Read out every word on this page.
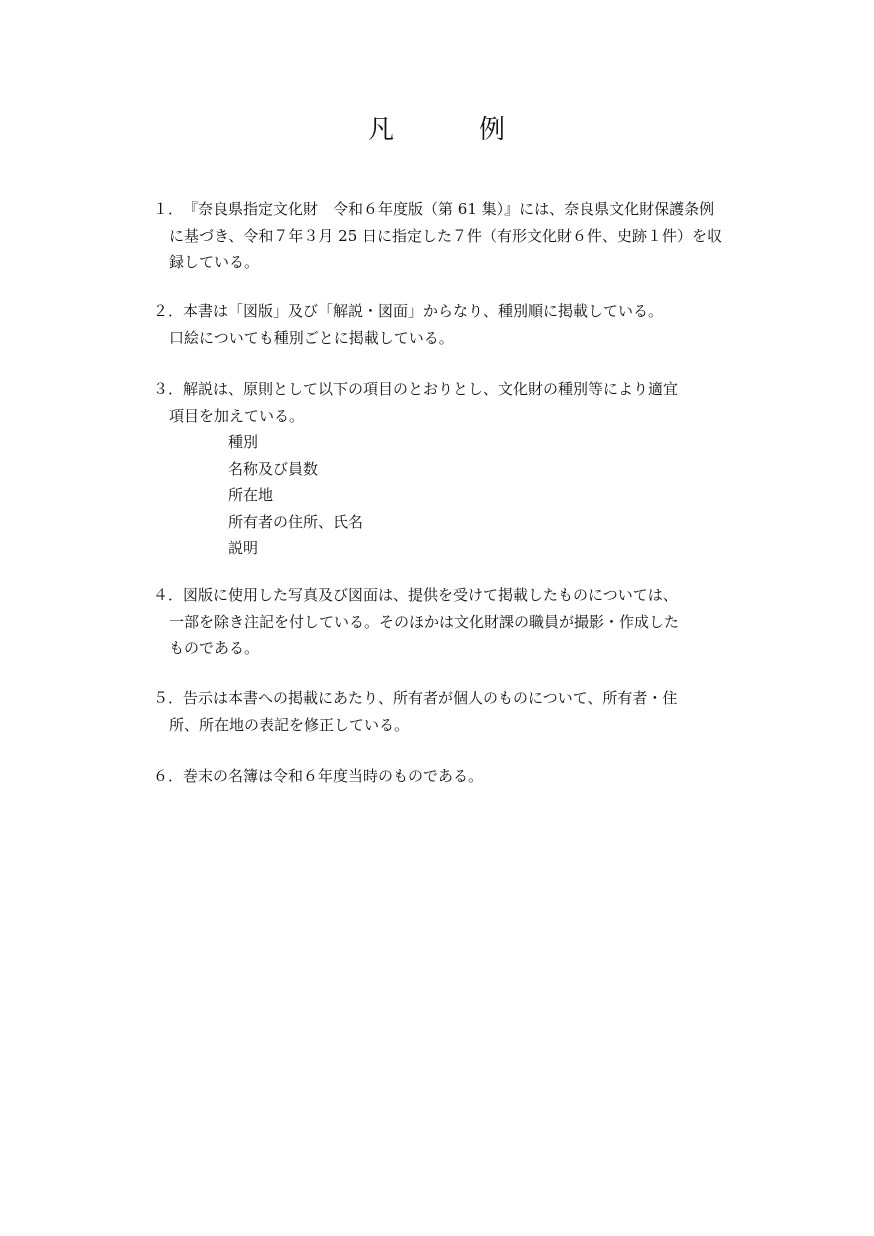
凡	例
１．『奈良県指定文化財　令和６年度版（第 61 集）』には、奈良県文化財保護条例
に基づき、令和７年３月 25 日に指定した７件（有形文化財６件、史跡１件）を収
録している。
２．本書は「図版」及び「解説・図面」からなり、種別順に掲載している。
口絵についても種別ごとに掲載している。
３．解説は、原則として以下の項目のとおりとし、文化財の種別等により適宜
項目を加えている。
種別
名称及び員数
所在地
所有者の住所、氏名
説明
４．図版に使用した写真及び図面は、提供を受けて掲載したものについては、
一部を除き注記を付している。そのほかは文化財課の職員が撮影・作成した
ものである。
５．告示は本書への掲載にあたり、所有者が個人のものについて、所有者・住
所、所在地の表記を修正している。
６．巻末の名簿は令和６年度当時のものである。
